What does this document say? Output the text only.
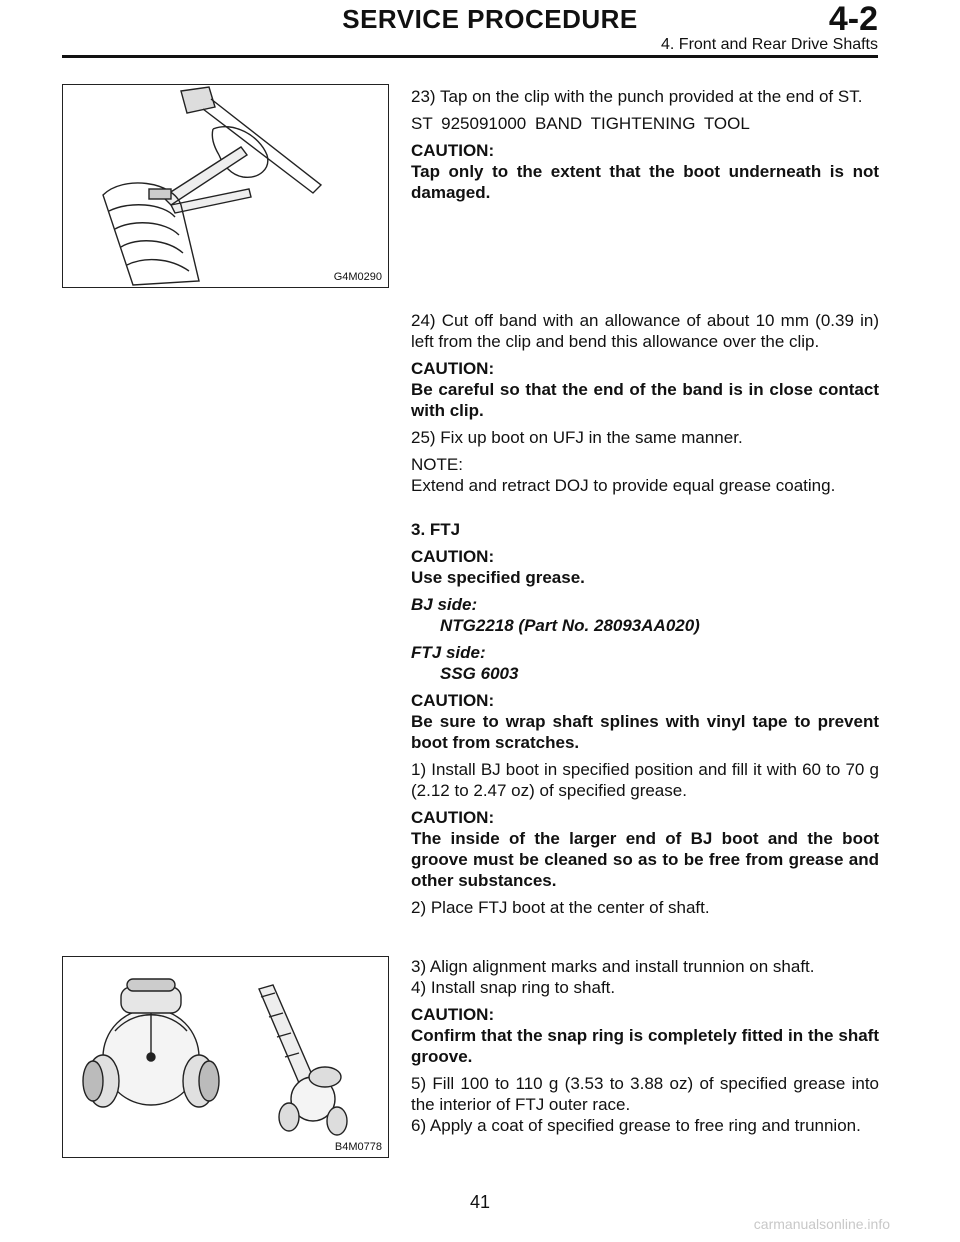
SERVICE PROCEDURE	4-2
4. Front and Rear Drive Shafts
G4M0290
B4M0778

23) Tap on the clip with the punch provided at the end of ST.

ST 925091000 BAND TIGHTENING TOOL

CAUTION:

Tap only to the extent that the boot underneath is not damaged.

24) Cut off band with an allowance of about 10 mm (0.39 in) left from the clip and bend this allowance over the clip.

CAUTION:

Be careful so that the end of the band is in close contact with clip.

25) Fix up boot on UFJ in the same manner.

NOTE:

Extend and retract DOJ to provide equal grease coating.

3. FTJ

CAUTION:

Use specified grease.

BJ side:
NTG2218 (Part No. 28093AA020)

FTJ side:
SSG 6003

CAUTION:

Be sure to wrap shaft splines with vinyl tape to prevent boot from scratches.

1) Install BJ boot in specified position and fill it with 60 to 70 g (2.12 to 2.47 oz) of specified grease.

CAUTION:

The inside of the larger end of BJ boot and the boot groove must be cleaned so as to be free from grease and other substances.

2) Place FTJ boot at the center of shaft.

3) Align alignment marks and install trunnion on shaft.

4) Install snap ring to shaft.

CAUTION:

Confirm that the snap ring is completely fitted in the shaft groove.

5) Fill 100 to 110 g (3.53 to 3.88 oz) of specified grease into the interior of FTJ outer race.

6) Apply a coat of specified grease to free ring and trunnion.

41
carmanualsonline.info
